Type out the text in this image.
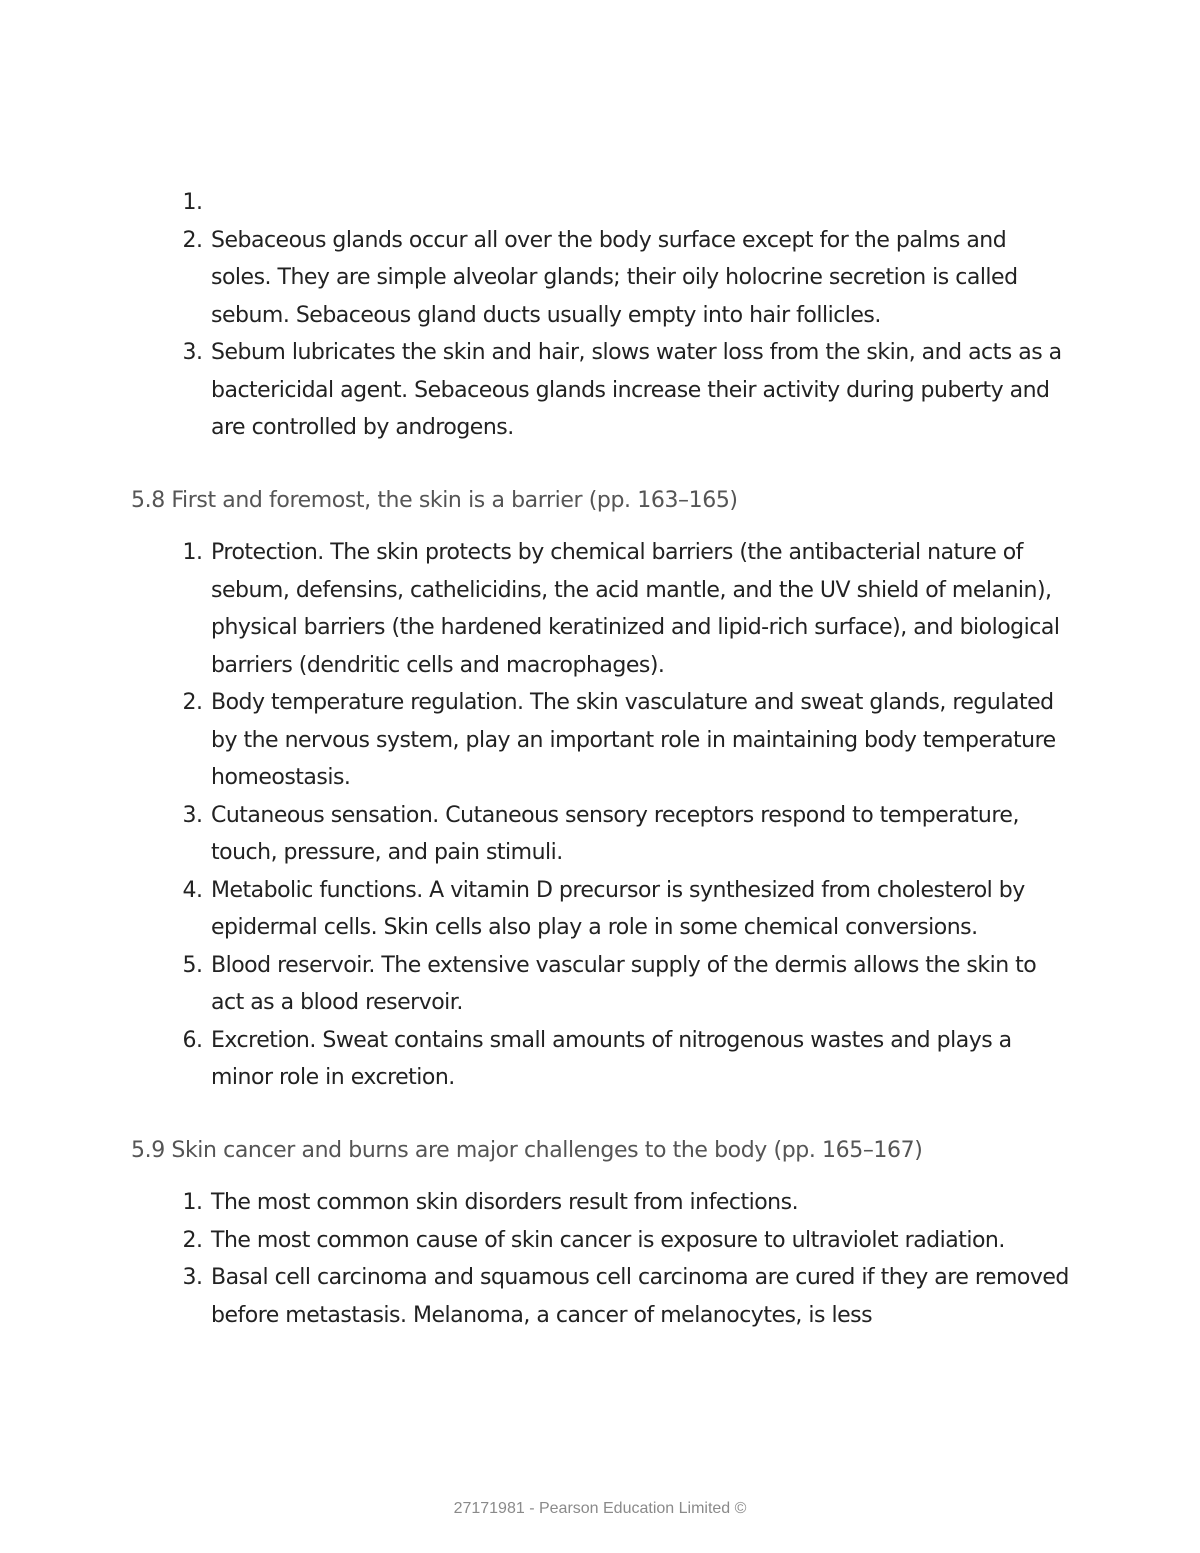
1.
2. Sebaceous glands occur all over the body surface except for the palms and soles. They are simple alveolar glands; their oily holocrine secretion is called sebum. Sebaceous gland ducts usually empty into hair follicles.
3. Sebum lubricates the skin and hair, slows water loss from the skin, and acts as a bactericidal agent. Sebaceous glands increase their activity during puberty and are controlled by androgens.
5.8 First and foremost, the skin is a barrier (pp. 163–165)
1. Protection. The skin protects by chemical barriers (the antibacterial nature of sebum, defensins, cathelicidins, the acid mantle, and the UV shield of melanin), physical barriers (the hardened keratinized and lipid-rich surface), and biological barriers (dendritic cells and macrophages).
2. Body temperature regulation. The skin vasculature and sweat glands, regulated by the nervous system, play an important role in maintaining body temperature homeostasis.
3. Cutaneous sensation. Cutaneous sensory receptors respond to temperature, touch, pressure, and pain stimuli.
4. Metabolic functions. A vitamin D precursor is synthesized from cholesterol by epidermal cells. Skin cells also play a role in some chemical conversions.
5. Blood reservoir. The extensive vascular supply of the dermis allows the skin to act as a blood reservoir.
6. Excretion. Sweat contains small amounts of nitrogenous wastes and plays a minor role in excretion.
5.9 Skin cancer and burns are major challenges to the body (pp. 165–167)
1. The most common skin disorders result from infections.
2. The most common cause of skin cancer is exposure to ultraviolet radiation.
3. Basal cell carcinoma and squamous cell carcinoma are cured if they are removed before metastasis. Melanoma, a cancer of melanocytes, is less
27171981 - Pearson Education Limited ©
